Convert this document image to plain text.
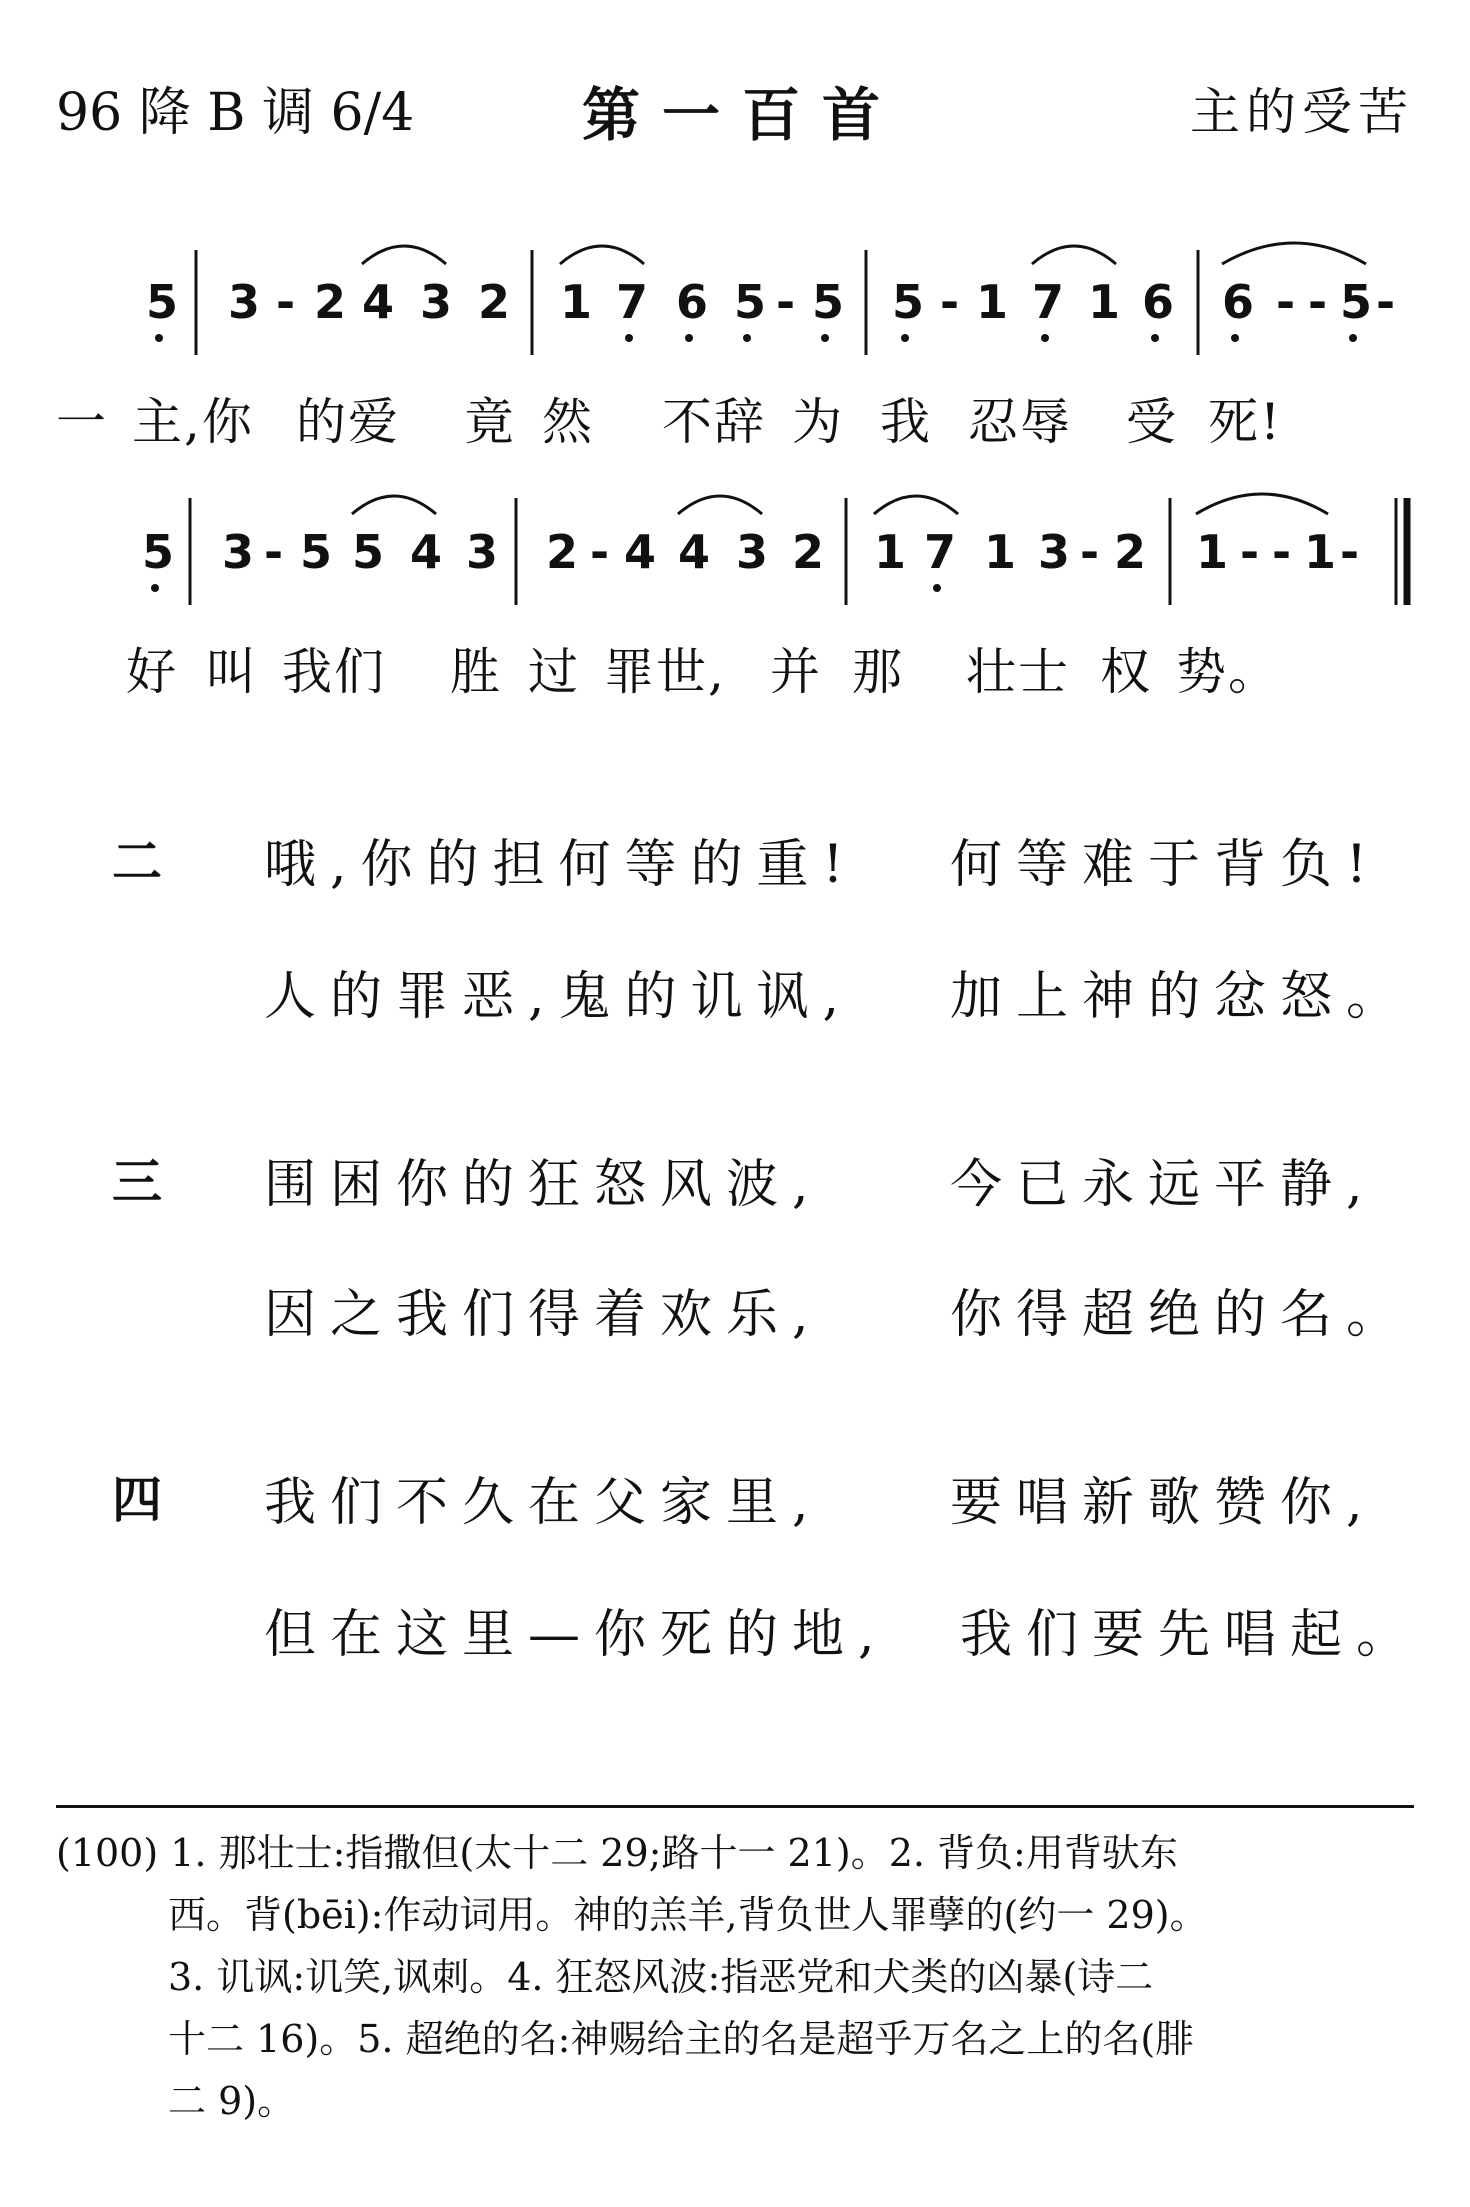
96 降 B 调 6/4	第一百首	主的受苦
5 3 - 2 4 3 2 1 7 6 5 - 5 5 - 1 7 1 6 6 - - 5 -
一 主,你 的爱 竟 然 不辞 为 我 忍辱 受 死!
5 3 - 5 5 4 3 2 - 4 4 3 2 1 7 1 3 - 2 1 - - 1 -
好 叫 我们 胜 过 罪世, 并 那 壮士 权 势。
二 哦,你的担何等的重! 何等难于背负!
人的罪恶,鬼的讥讽, 加上神的忿怒。
三 围困你的狂怒风波, 今已永远平静,
因之我们得着欢乐, 你得超绝的名。
四 我们不久在父家里, 要唱新歌赞你,
但在这里—你死的地, 我们要先唱起。
(100) 1. 那壮士:指撒但(太十二 29;路十一 21)。2. 背负:用背驮东
西。背(bēi):作动词用。神的羔羊,背负世人罪孽的(约一 29)。
3. 讥讽:讥笑,讽刺。4. 狂怒风波:指恶党和犬类的凶暴(诗二
十二 16)。5. 超绝的名:神赐给主的名是超乎万名之上的名(腓
二 9)。
